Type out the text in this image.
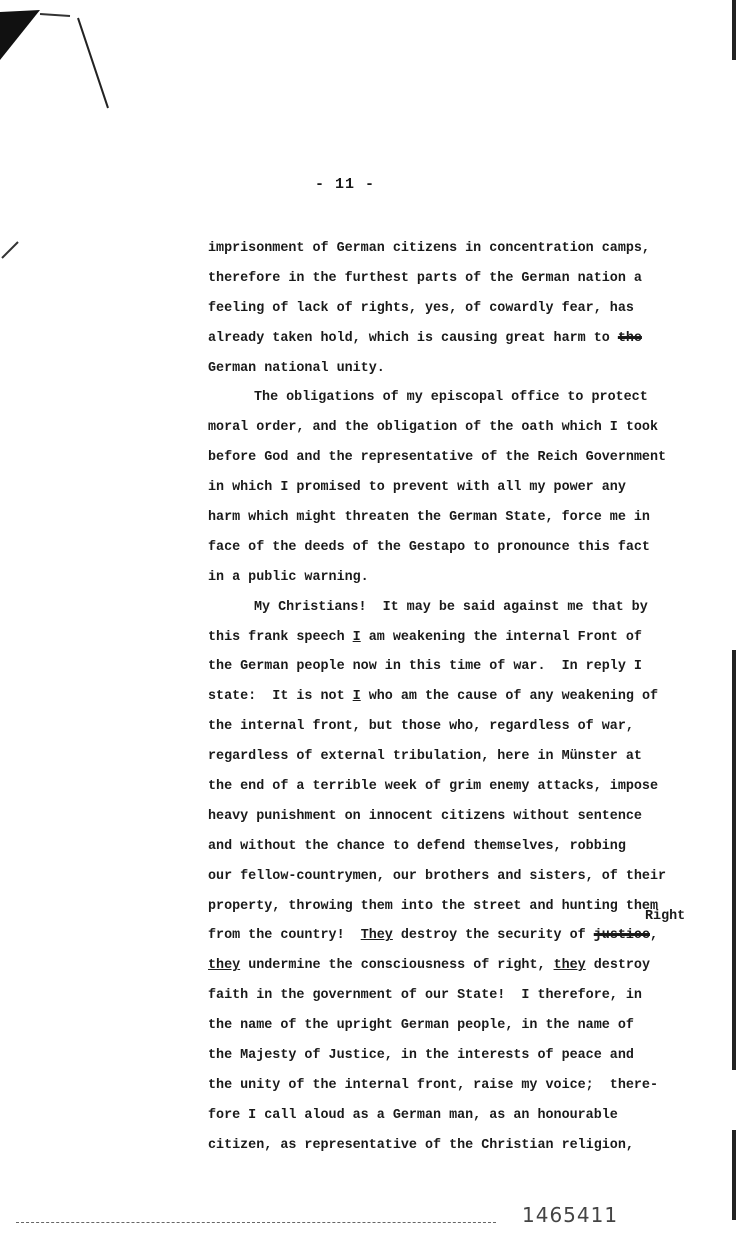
- 11 -
imprisonment of German citizens in concentration camps,
therefore in the furthest parts of the German nation a
feeling of lack of rights, yes, of cowardly fear, has
already taken hold, which is causing great harm to the
German national unity.
The obligations of my episcopal office to protect
moral order, and the obligation of the oath which I took
before God and the representative of the Reich Government
in which I promised to prevent with all my power any
harm which might threaten the German State, force me in
face of the deeds of the Gestapo to pronounce this fact
in a public warning.
My Christians!  It may be said against me that by
this frank speech I am weakening the internal Front of
the German people now in this time of war.  In reply I
state:  It is not I who am the cause of any weakening of
the internal front, but those who, regardless of war,
regardless of external tribulation, here in Münster at
the end of a terrible week of grim enemy attacks, impose
heavy punishment on innocent citizens without sentence
and without the chance to defend themselves, robbing
our fellow-countrymen, our brothers and sisters, of their
property, throwing them into the street and hunting them
from the country!  They destroy the security of justice,
they undermine the consciousness of right, they destroy
faith in the government of our State!  I therefore, in
the name of the upright German people, in the name of
the Majesty of Justice, in the interests of peace and
the unity of the internal front, raise my voice;  there-
fore I call aloud as a German man, as an honourable
citizen, as representative of the Christian religion,
Right
1465411
